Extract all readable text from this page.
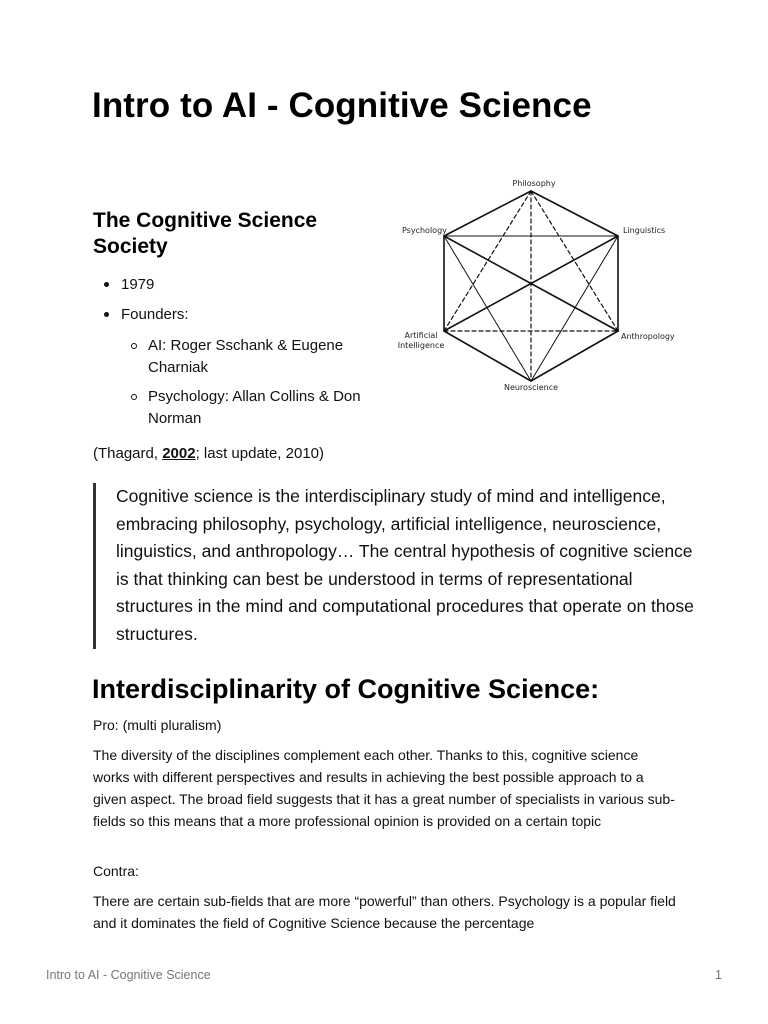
Intro to AI - Cognitive Science
The Cognitive Science Society
1979
Founders:
AI: Roger Sschank & Eugene Charniak
Psychology: Allan Collins & Don Norman
(Thagard, 2002; last update, 2010)
Philosophy
Psychology	Linguistics
Artificial
Intelligence
Anthropology
Neuroscience

Cognitive science is the interdisciplinary study of mind and intelligence, embracing philosophy, psychology, artificial intelligence, neuroscience, linguistics, and anthropology… The central hypothesis of cognitive science is that thinking can best be understood in terms of representational structures in the mind and computational procedures that operate on those structures.

Interdisciplinarity of Cognitive Science:

Pro: (multi pluralism)

The diversity of the disciplines complement each other. Thanks to this, cognitive science works with different perspectives and results in achieving the best possible approach to a given aspect. The broad field suggests that it has a great number of specialists in various sub-fields so this means that a more professional opinion is provided on a certain topic

Contra:

There are certain sub-fields that are more “powerful” than others. Psychology is a popular field and it dominates the field of Cognitive Science because the percentage

Intro to AI - Cognitive Science	1
